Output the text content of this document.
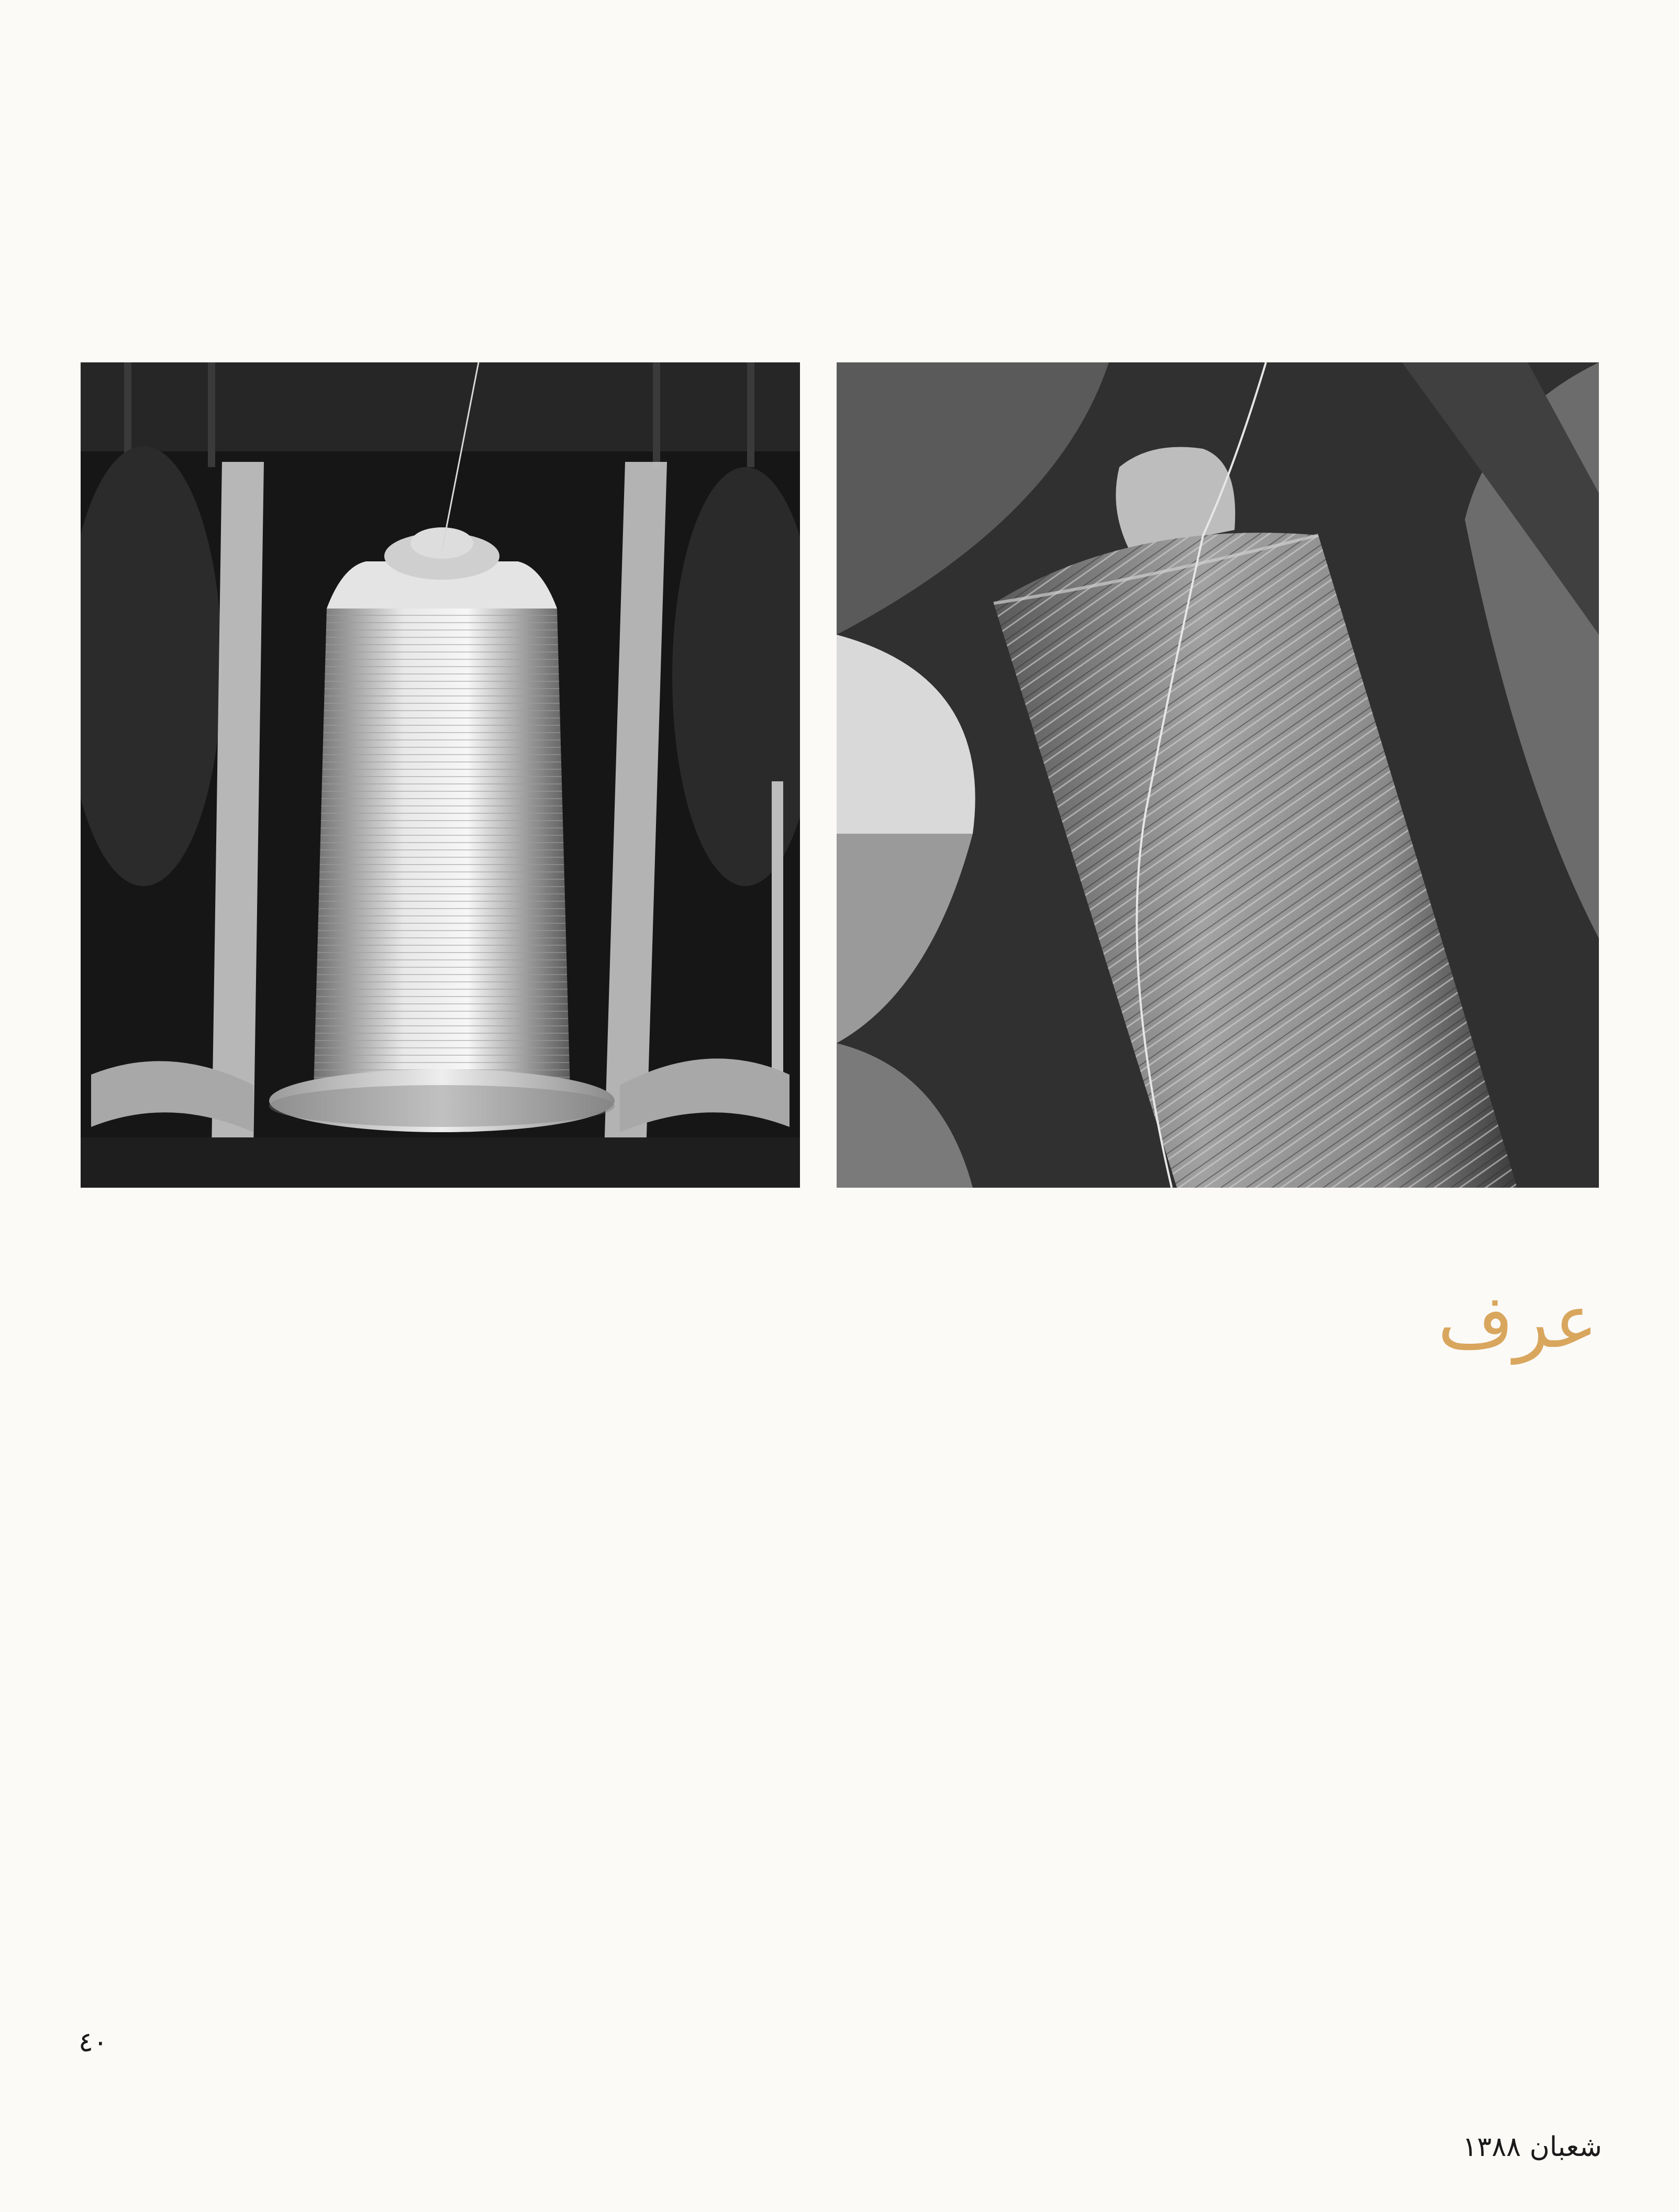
عرف
٤٠
شعبان ١٣٨٨
